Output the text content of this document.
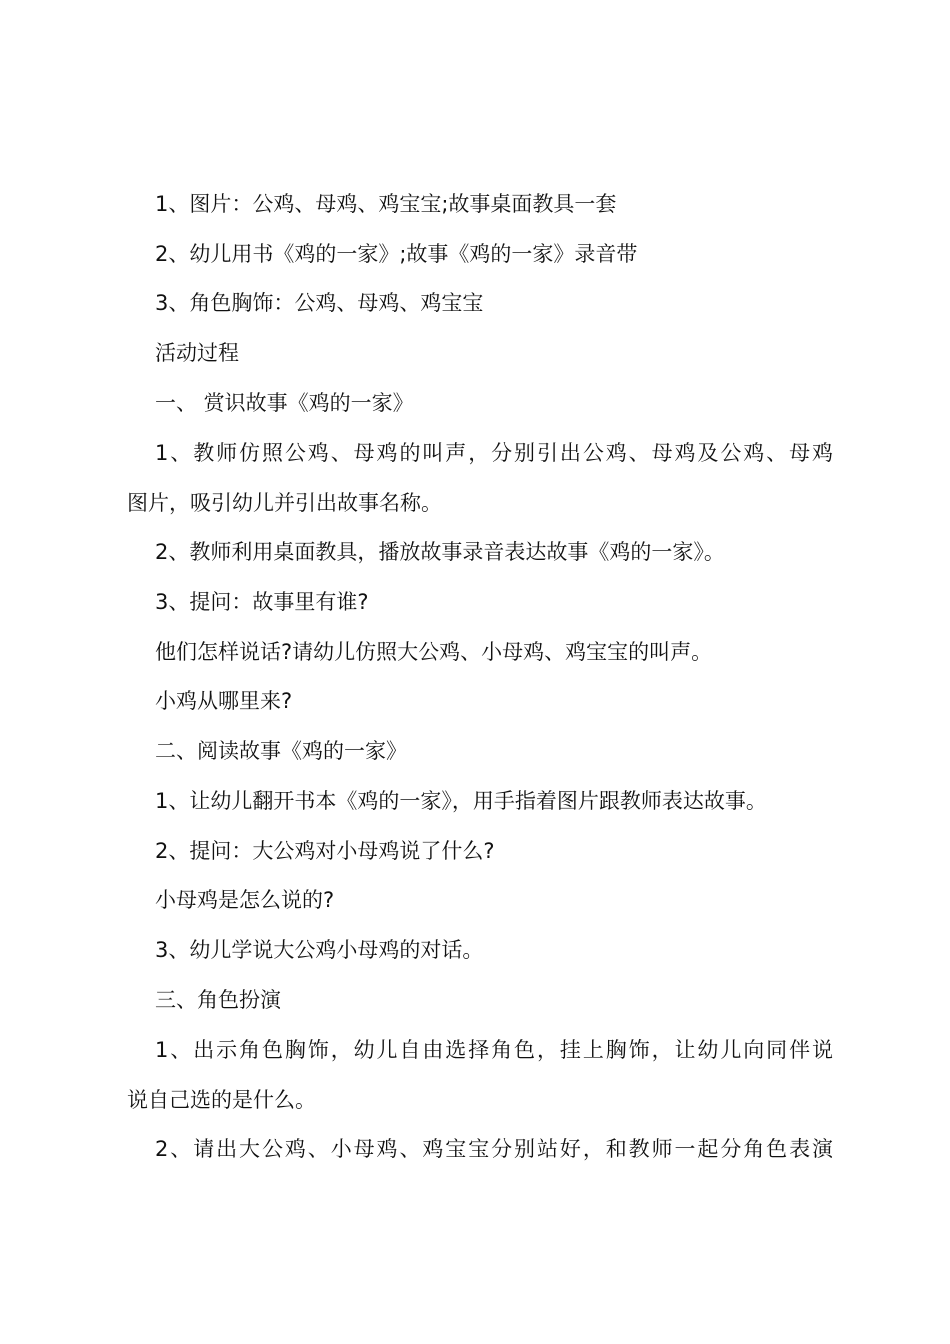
1、图片：公鸡、母鸡、鸡宝宝;故事桌面教具一套
2、幼儿用书《鸡的一家》;故事《鸡的一家》录音带
3、角色胸饰：公鸡、母鸡、鸡宝宝
活动过程
一、 赏识故事《鸡的一家》
1、教师仿照公鸡、母鸡的叫声，分别引出公鸡、母鸡及公鸡、母鸡
图片，吸引幼儿并引出故事名称。
2、教师利用桌面教具，播放故事录音表达故事《鸡的一家》。
3、提问：故事里有谁?
他们怎样说话?请幼儿仿照大公鸡、小母鸡、鸡宝宝的叫声。
小鸡从哪里来?
二、阅读故事《鸡的一家》
1、让幼儿翻开书本《鸡的一家》，用手指着图片跟教师表达故事。
2、提问：大公鸡对小母鸡说了什么?
小母鸡是怎么说的?
3、幼儿学说大公鸡小母鸡的对话。
三、角色扮演
1、出示角色胸饰，幼儿自由选择角色，挂上胸饰，让幼儿向同伴说
说自己选的是什么。
2、请出大公鸡、小母鸡、鸡宝宝分别站好，和教师一起分角色表演
